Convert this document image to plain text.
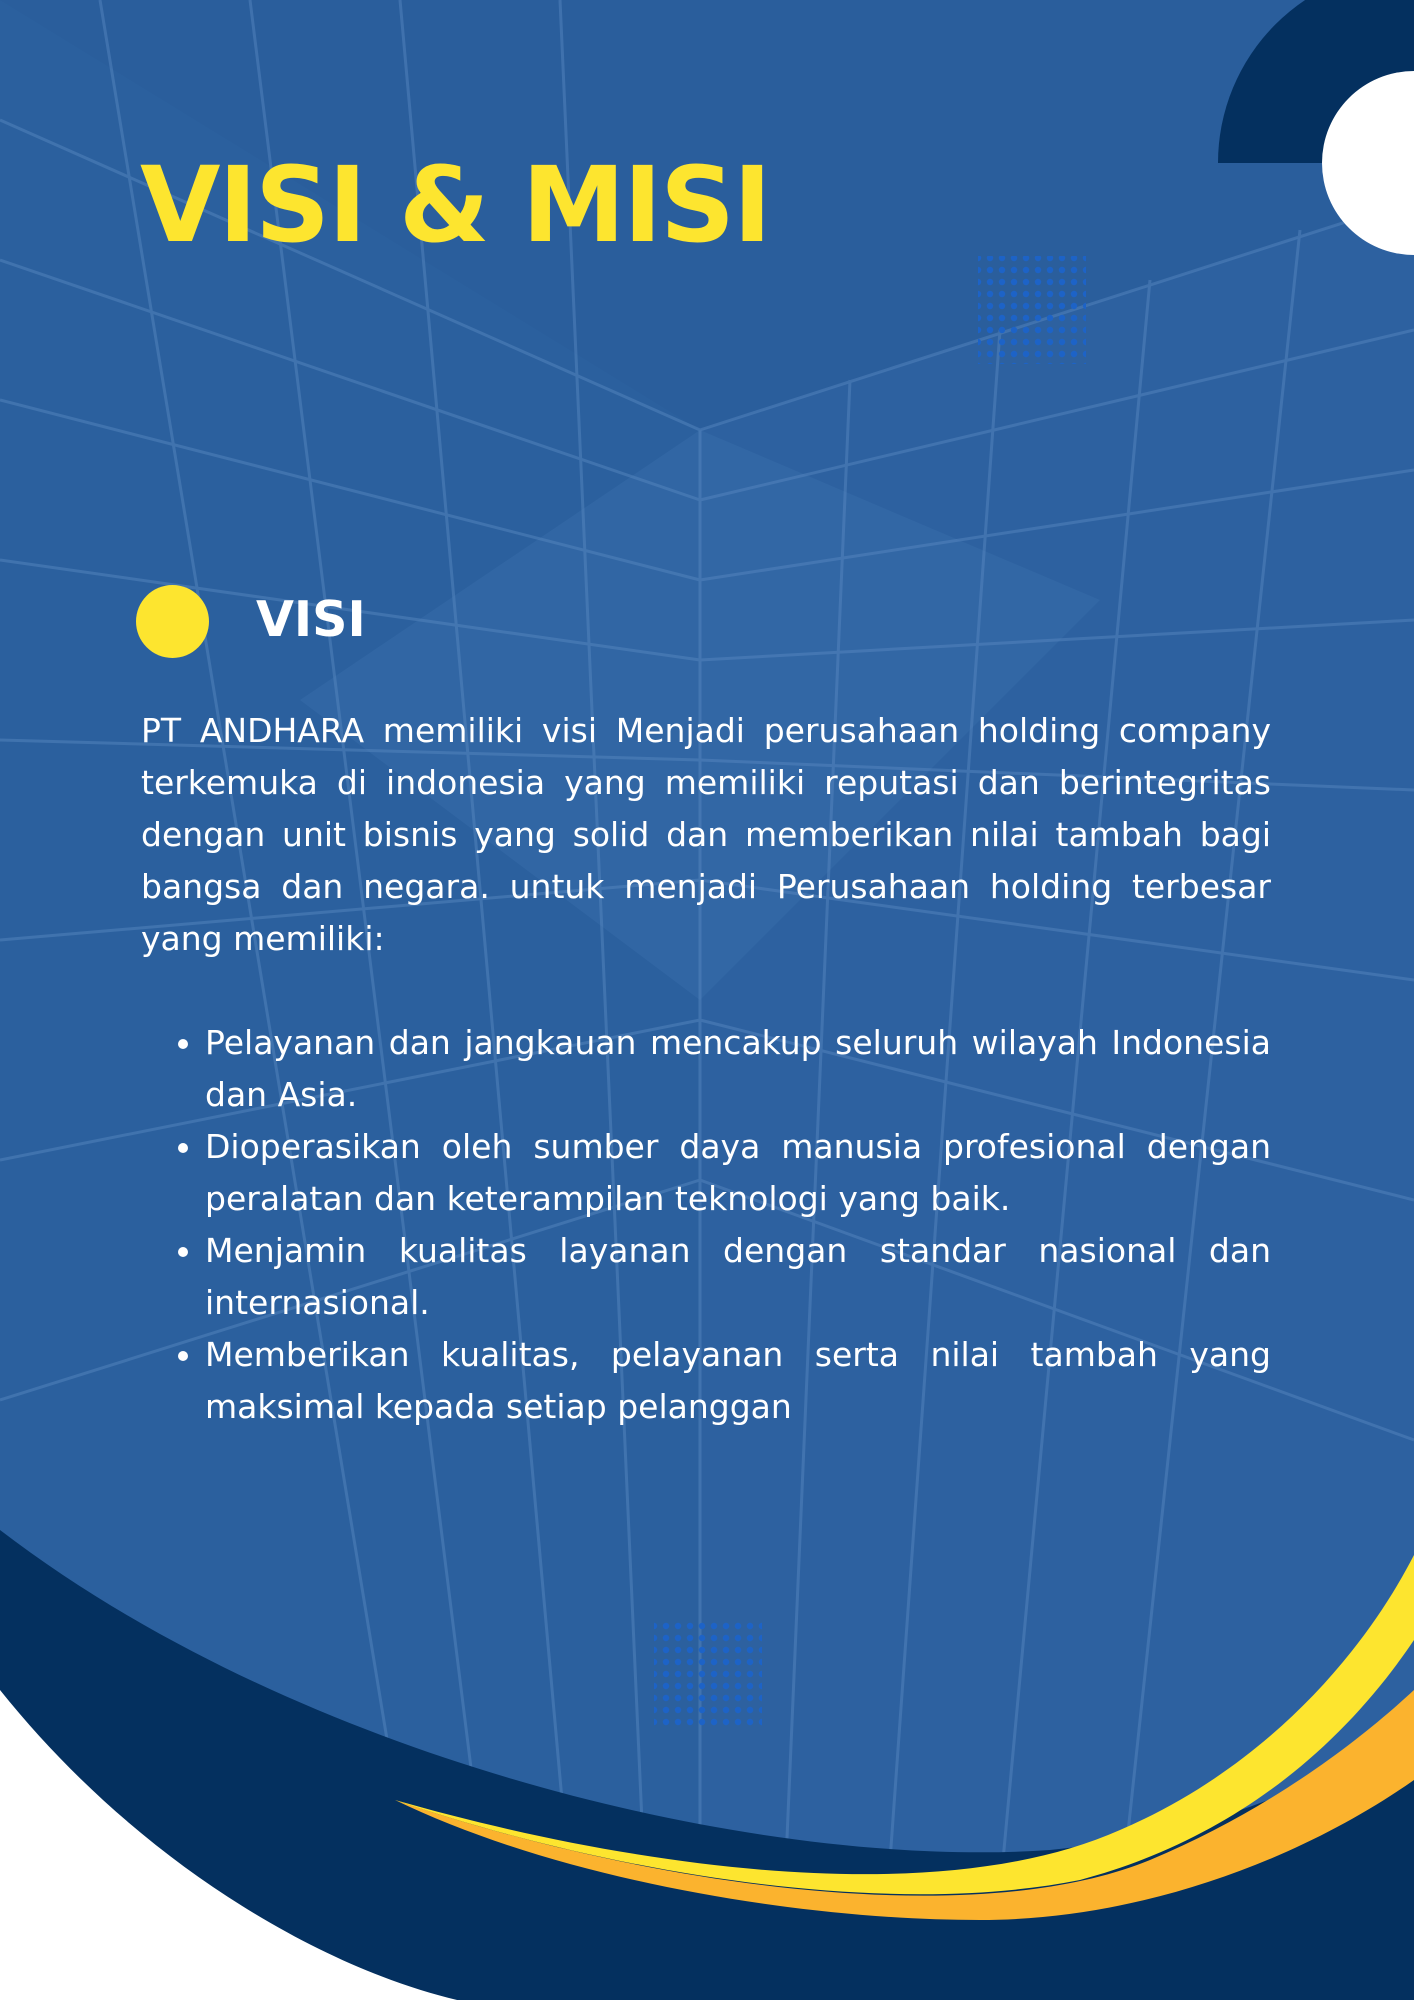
VISI & MISI
VISI

PT ANDHARA memiliki visi Menjadi perusahaan holding company terkemuka di indonesia yang memiliki reputasi dan berintegritas dengan unit bisnis yang solid dan memberikan nilai tambah bagi bangsa dan negara. untuk menjadi Perusahaan holding terbesar yang memiliki:

• Pelayanan dan jangkauan mencakup seluruh wilayah Indonesia dan Asia.
• Dioperasikan oleh sumber daya manusia profesional dengan peralatan dan keterampilan teknologi yang baik.
• Menjamin kualitas layanan dengan standar nasional dan internasional.
• Memberikan kualitas, pelayanan serta nilai tambah yang maksimal kepada setiap pelanggan
